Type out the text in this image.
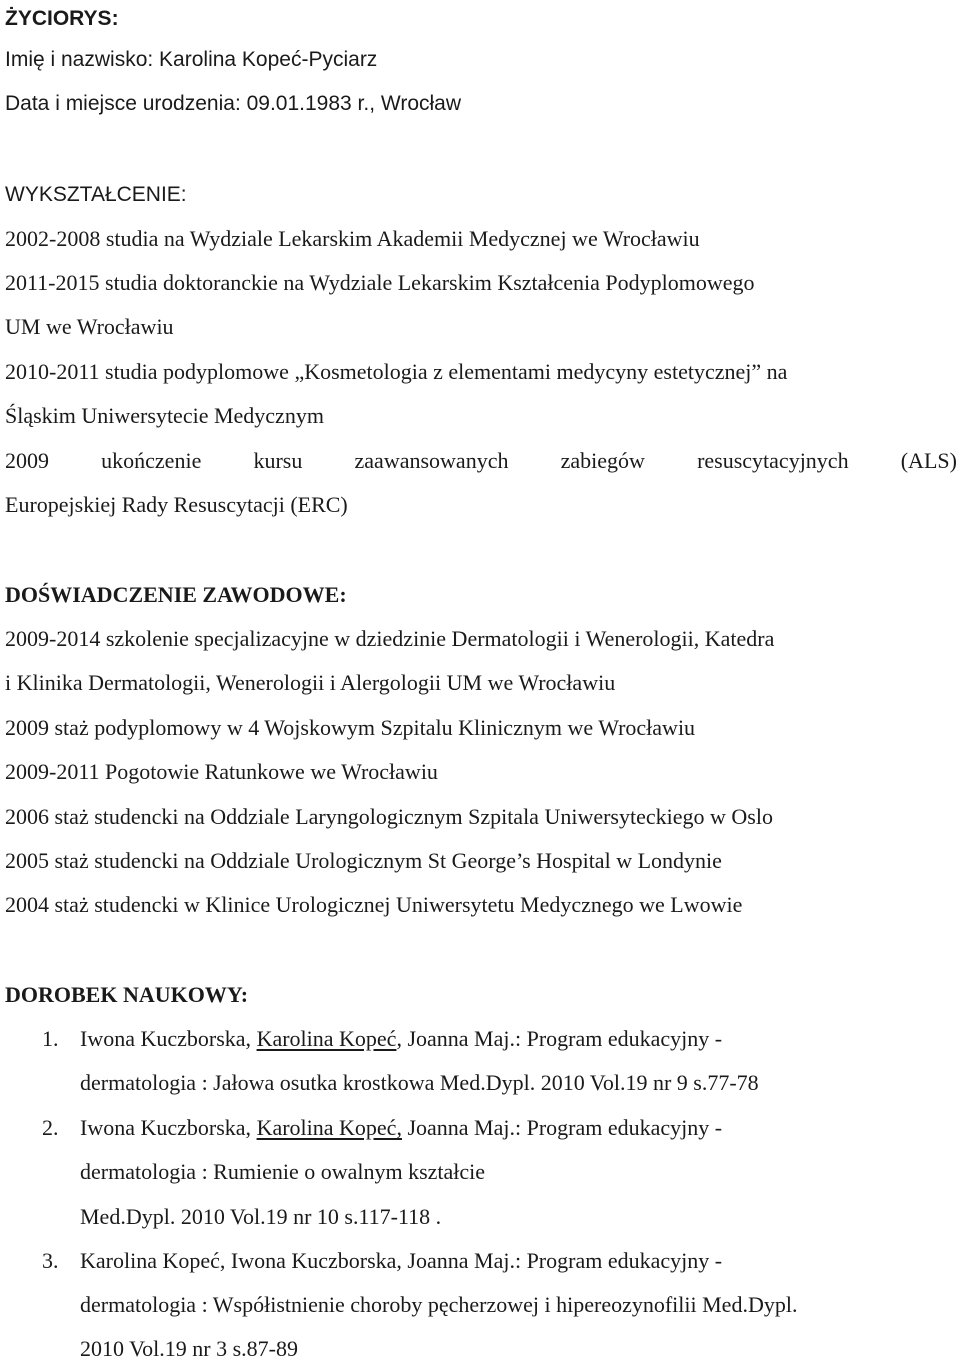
ŻYCIORYS:
Imię i nazwisko: Karolina Kopeć-Pyciarz
Data i miejsce urodzenia: 09.01.1983 r., Wrocław
WYKSZTAŁCENIE:
2002-2008 studia na Wydziale Lekarskim Akademii Medycznej we Wrocławiu
2011-2015 studia doktoranckie na Wydziale Lekarskim Kształcenia Podyplomowego
UM we Wrocławiu
2010-2011 studia podyplomowe „Kosmetologia z elementami medycyny estetycznej” na
Śląskim Uniwersytecie Medycznym
2009 ukończenie kursu zaawansowanych zabiegów resuscytacyjnych (ALS)
Europejskiej Rady Resuscytacji (ERC)
DOŚWIADCZENIE ZAWODOWE:
2009-2014 szkolenie specjalizacyjne w dziedzinie Dermatologii i Wenerologii, Katedra
i Klinika Dermatologii, Wenerologii i Alergologii UM we Wrocławiu
2009 staż podyplomowy w 4 Wojskowym Szpitalu Klinicznym we Wrocławiu
2009-2011 Pogotowie Ratunkowe we Wrocławiu
2006 staż studencki na Oddziale Laryngologicznym Szpitala Uniwersyteckiego w Oslo
2005 staż studencki na Oddziale Urologicznym St George’s Hospital w Londynie
2004 staż studencki w Klinice Urologicznej Uniwersytetu Medycznego we Lwowie
DOROBEK NAUKOWY:
1. Iwona Kuczborska, Karolina Kopeć, Joanna Maj.: Program edukacyjny -
dermatologia : Jałowa osutka krostkowa Med.Dypl. 2010 Vol.19 nr 9 s.77-78
2. Iwona Kuczborska, Karolina Kopeć, Joanna Maj.: Program edukacyjny -
dermatologia : Rumienie o owalnym kształcie
Med.Dypl. 2010 Vol.19 nr 10 s.117-118 .
3. Karolina Kopeć, Iwona Kuczborska, Joanna Maj.: Program edukacyjny -
dermatologia : Współistnienie choroby pęcherzowej i hipereozynofilii Med.Dypl.
2010 Vol.19 nr 3 s.87-89
